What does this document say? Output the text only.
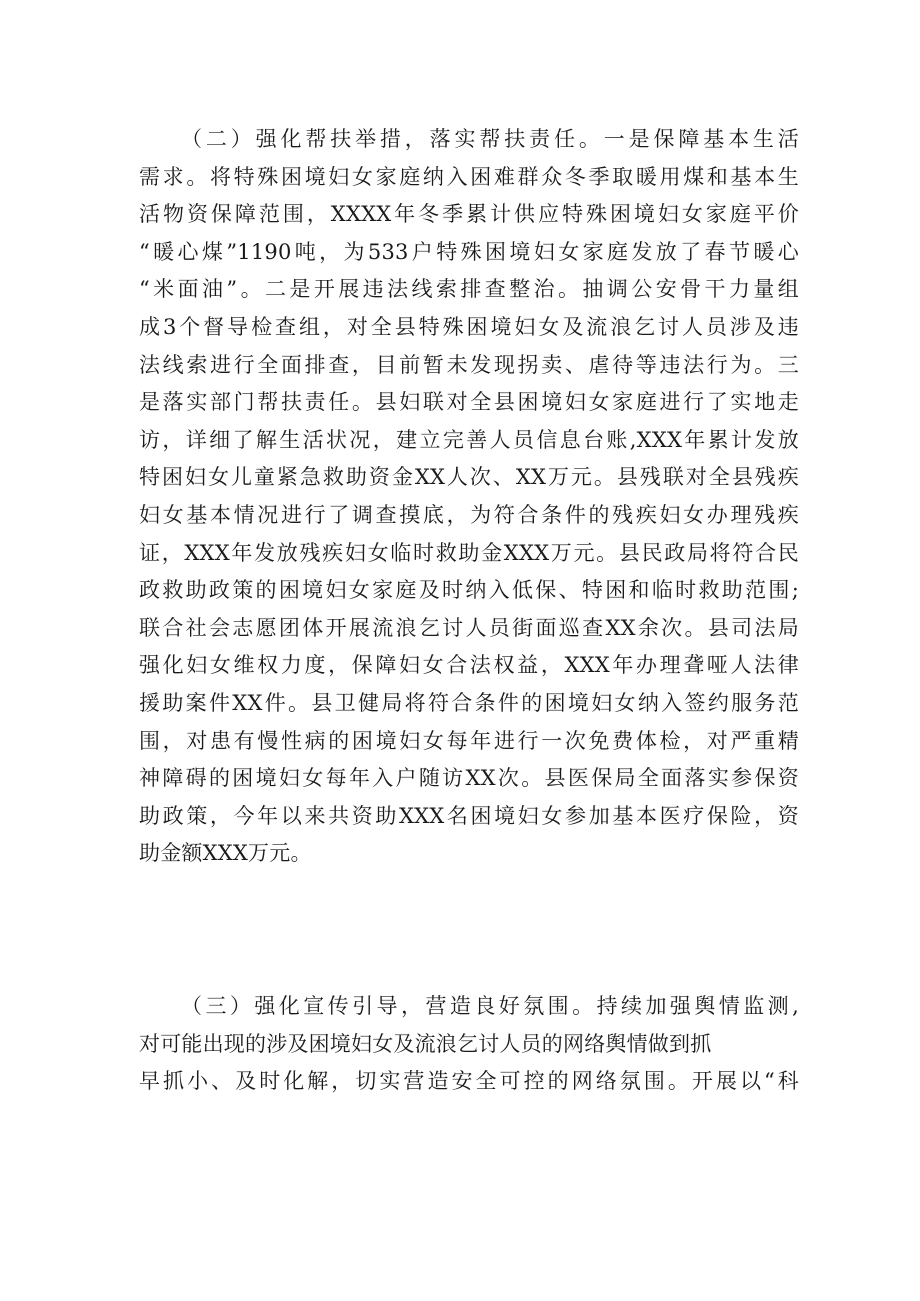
（二）强化帮扶举措，落实帮扶责任。一是保障基本生活
需求。将特殊困境妇女家庭纳入困难群众冬季取暖用煤和基本生
活物资保障范围，XXXX年冬季累计供应特殊困境妇女家庭平价
“暖心煤”1190吨，为533户特殊困境妇女家庭发放了春节暖心
“米面油”。二是开展违法线索排查整治。抽调公安骨干力量组
成3个督导检查组，对全县特殊困境妇女及流浪乞讨人员涉及违
法线索进行全面排查，目前暂未发现拐卖、虐待等违法行为。三
是落实部门帮扶责任。县妇联对全县困境妇女家庭进行了实地走
访，详细了解生活状况，建立完善人员信息台账,XXX年累计发放
特困妇女儿童紧急救助资金XX人次、XX万元。县残联对全县残疾
妇女基本情况进行了调查摸底，为符合条件的残疾妇女办理残疾
证，XXX年发放残疾妇女临时救助金XXX万元。县民政局将符合民
政救助政策的困境妇女家庭及时纳入低保、特困和临时救助范围;
联合社会志愿团体开展流浪乞讨人员街面巡查XX余次。县司法局
强化妇女维权力度，保障妇女合法权益，XXX年办理聋哑人法律
援助案件XX件。县卫健局将符合条件的困境妇女纳入签约服务范
围，对患有慢性病的困境妇女每年进行一次免费体检，对严重精
神障碍的困境妇女每年入户随访XX次。县医保局全面落实参保资
助政策，今年以来共资助XXX名困境妇女参加基本医疗保险，资
助金额XXX万元。
（三）强化宣传引导，营造良好氛围。持续加强舆情监测,
对可能出现的涉及困境妇女及流浪乞讨人员的网络舆情做到抓
早抓小、及时化解，切实营造安全可控的网络氛围。开展以“科
